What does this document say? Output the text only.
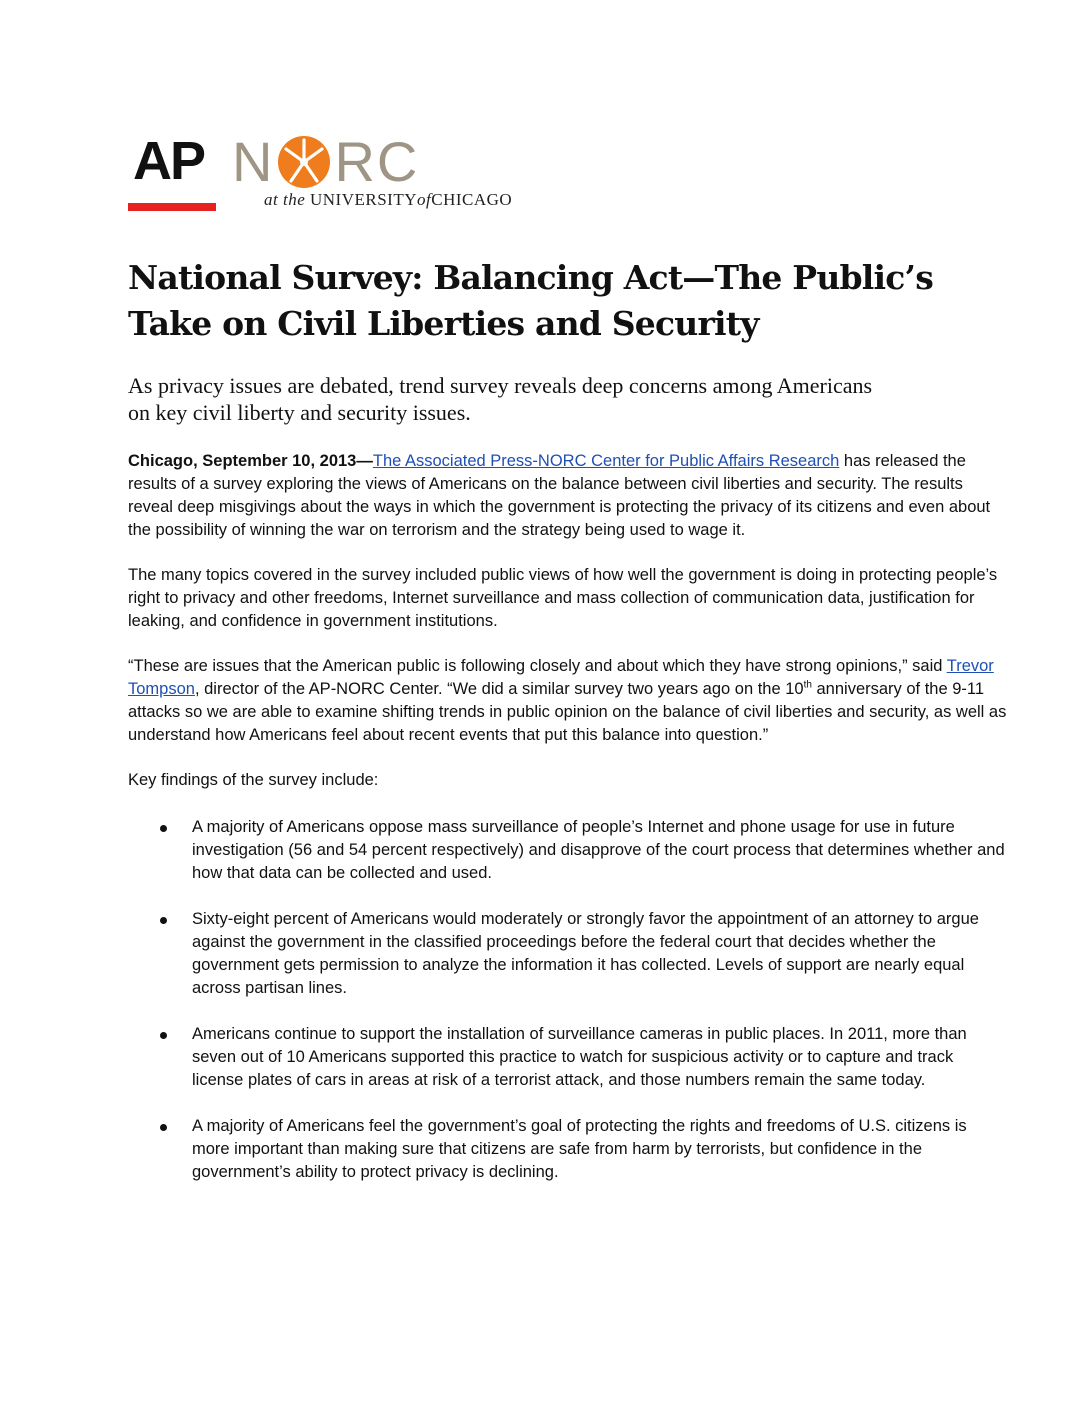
AP N RC
at the UNIVERSITYofCHICAGO
National Survey: Balancing Act—The Public’s
Take on Civil Liberties and Security
As privacy issues are debated, trend survey reveals deep concerns among Americans
on key civil liberty and security issues.

Chicago, September 10, 2013—The Associated Press-NORC Center for Public Affairs Research has released the results of a survey exploring the views of Americans on the balance between civil liberties and security. The results reveal deep misgivings about the ways in which the government is protecting the privacy of its citizens and even about the possibility of winning the war on terrorism and the strategy being used to wage it.

The many topics covered in the survey included public views of how well the government is doing in protecting people’s right to privacy and other freedoms, Internet surveillance and mass collection of communication data, justification for leaking, and confidence in government institutions.

“These are issues that the American public is following closely and about which they have strong opinions,” said Trevor Tompson, director of the AP-NORC Center. “We did a similar survey two years ago on the 10th anniversary of the 9-11 attacks so we are able to examine shifting trends in public opinion on the balance of civil liberties and security, as well as understand how Americans feel about recent events that put this balance into question.”

Key findings of the survey include:

A majority of Americans oppose mass surveillance of people’s Internet and phone usage for use in future investigation (56 and 54 percent respectively) and disapprove of the court process that determines whether and how that data can be collected and used.
Sixty-eight percent of Americans would moderately or strongly favor the appointment of an attorney to argue against the government in the classified proceedings before the federal court that decides whether the government gets permission to analyze the information it has collected. Levels of support are nearly equal across partisan lines.
Americans continue to support the installation of surveillance cameras in public places. In 2011, more than seven out of 10 Americans supported this practice to watch for suspicious activity or to capture and track license plates of cars in areas at risk of a terrorist attack, and those numbers remain the same today.
A majority of Americans feel the government’s goal of protecting the rights and freedoms of U.S. citizens is more important than making sure that citizens are safe from harm by terrorists, but confidence in the government’s ability to protect privacy is declining.
